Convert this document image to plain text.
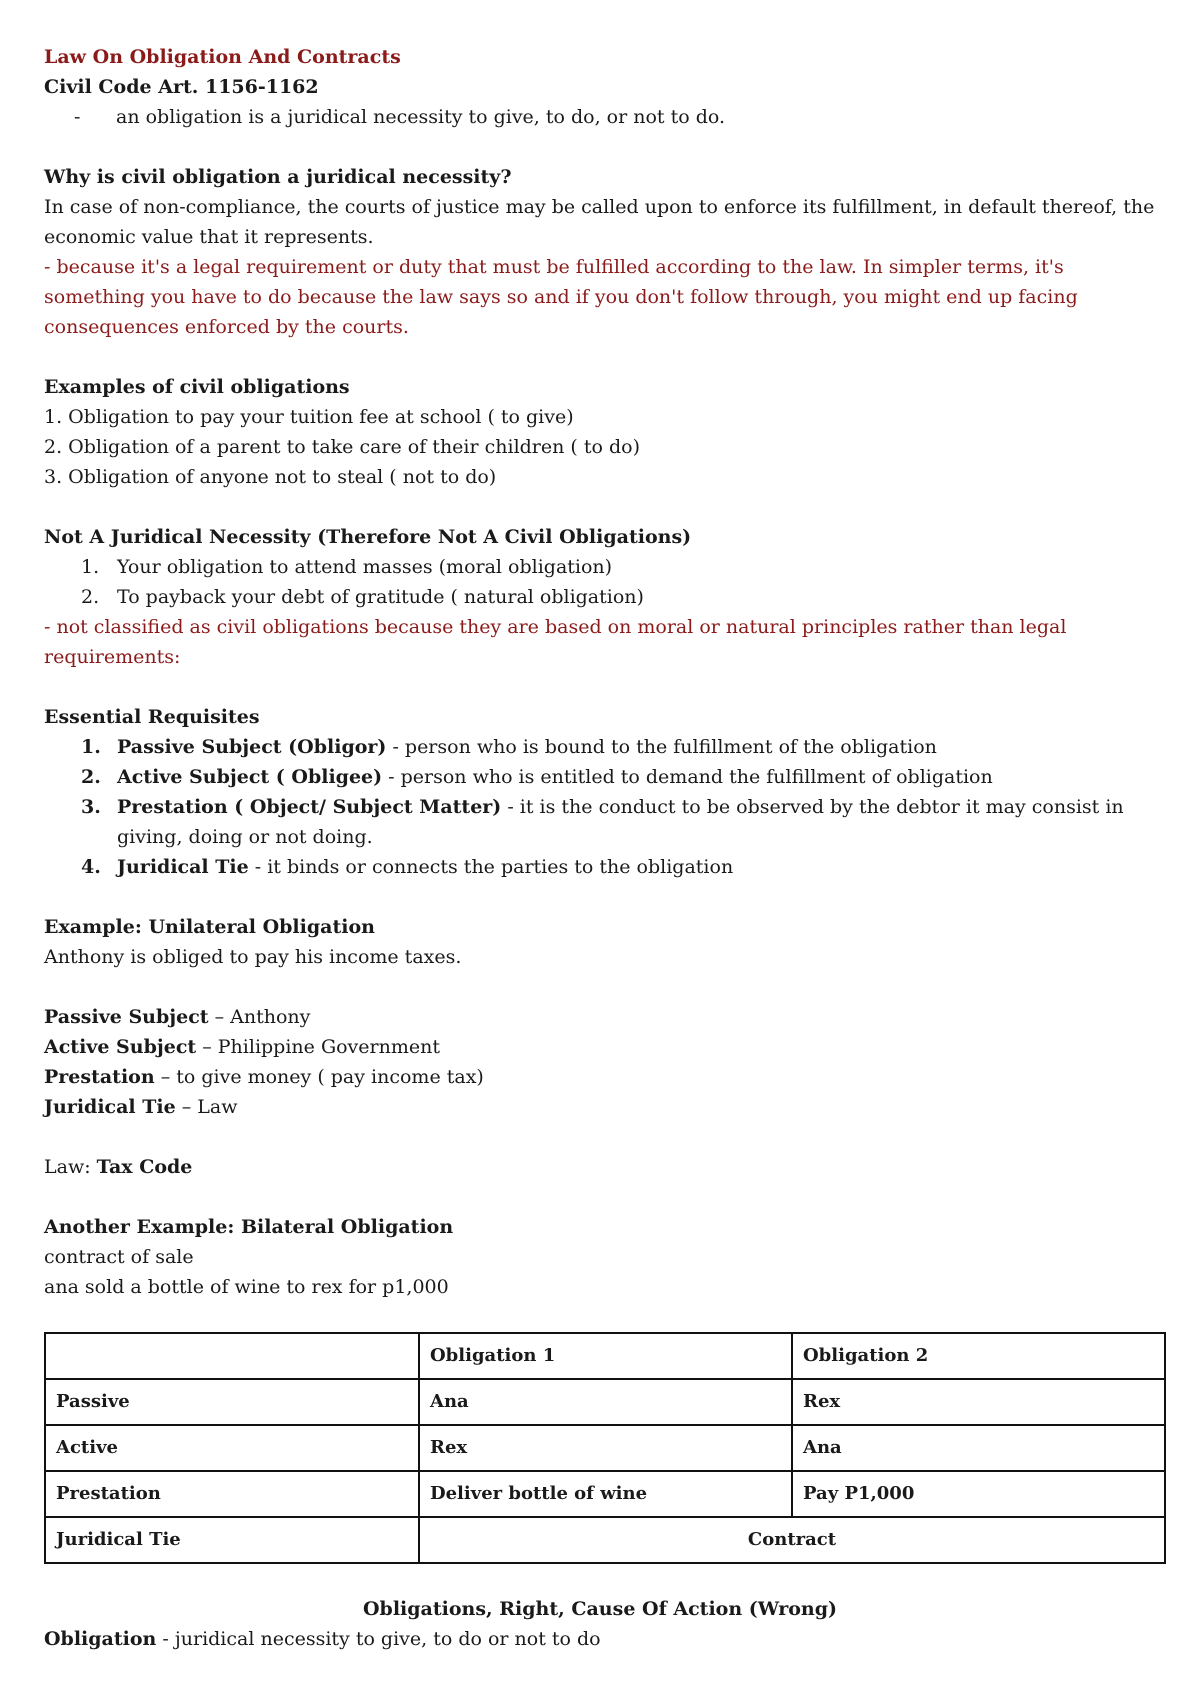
Law On Obligation And Contracts
Civil Code Art. 1156-1162
- an obligation is a juridical necessity to give, to do, or not to do.
Why is civil obligation a juridical necessity?
In case of non-compliance, the courts of justice may be called upon to enforce its fulfillment, in default thereof, the economic value that it represents.
- because it's a legal requirement or duty that must be fulfilled according to the law. In simpler terms, it's something you have to do because the law says so and if you don't follow through, you might end up facing consequences enforced by the courts.
Examples of civil obligations
1. Obligation to pay your tuition fee at school ( to give)
2. Obligation of a parent to take care of their children ( to do)
3. Obligation of anyone not to steal ( not to do)
Not A Juridical Necessity (Therefore Not A Civil Obligations)
1. Your obligation to attend masses (moral obligation)
2. To payback your debt of gratitude ( natural obligation)
- not classified as civil obligations because they are based on moral or natural principles rather than legal requirements:
Essential Requisites
1. Passive Subject (Obligor) - person who is bound to the fulfillment of the obligation
2. Active Subject ( Obligee) - person who is entitled to demand the fulfillment of obligation
3. Prestation ( Object/ Subject Matter) - it is the conduct to be observed by the debtor it may consist in giving, doing or not doing.
4. Juridical Tie - it binds or connects the parties to the obligation
Example: Unilateral Obligation
Anthony is obliged to pay his income taxes.
Passive Subject – Anthony
Active Subject – Philippine Government
Prestation – to give money ( pay income tax)
Juridical Tie – Law
Law: Tax Code
Another Example: Bilateral Obligation
contract of sale
ana sold a bottle of wine to rex for p1,000
	Obligation 1	Obligation 2
Passive	Ana	Rex
Active	Rex	Ana
Prestation	Deliver bottle of wine	Pay P1,000
Juridical Tie	Contract	
Obligations, Right, Cause Of Action (Wrong)
Obligation - juridical necessity to give, to do or not to do
